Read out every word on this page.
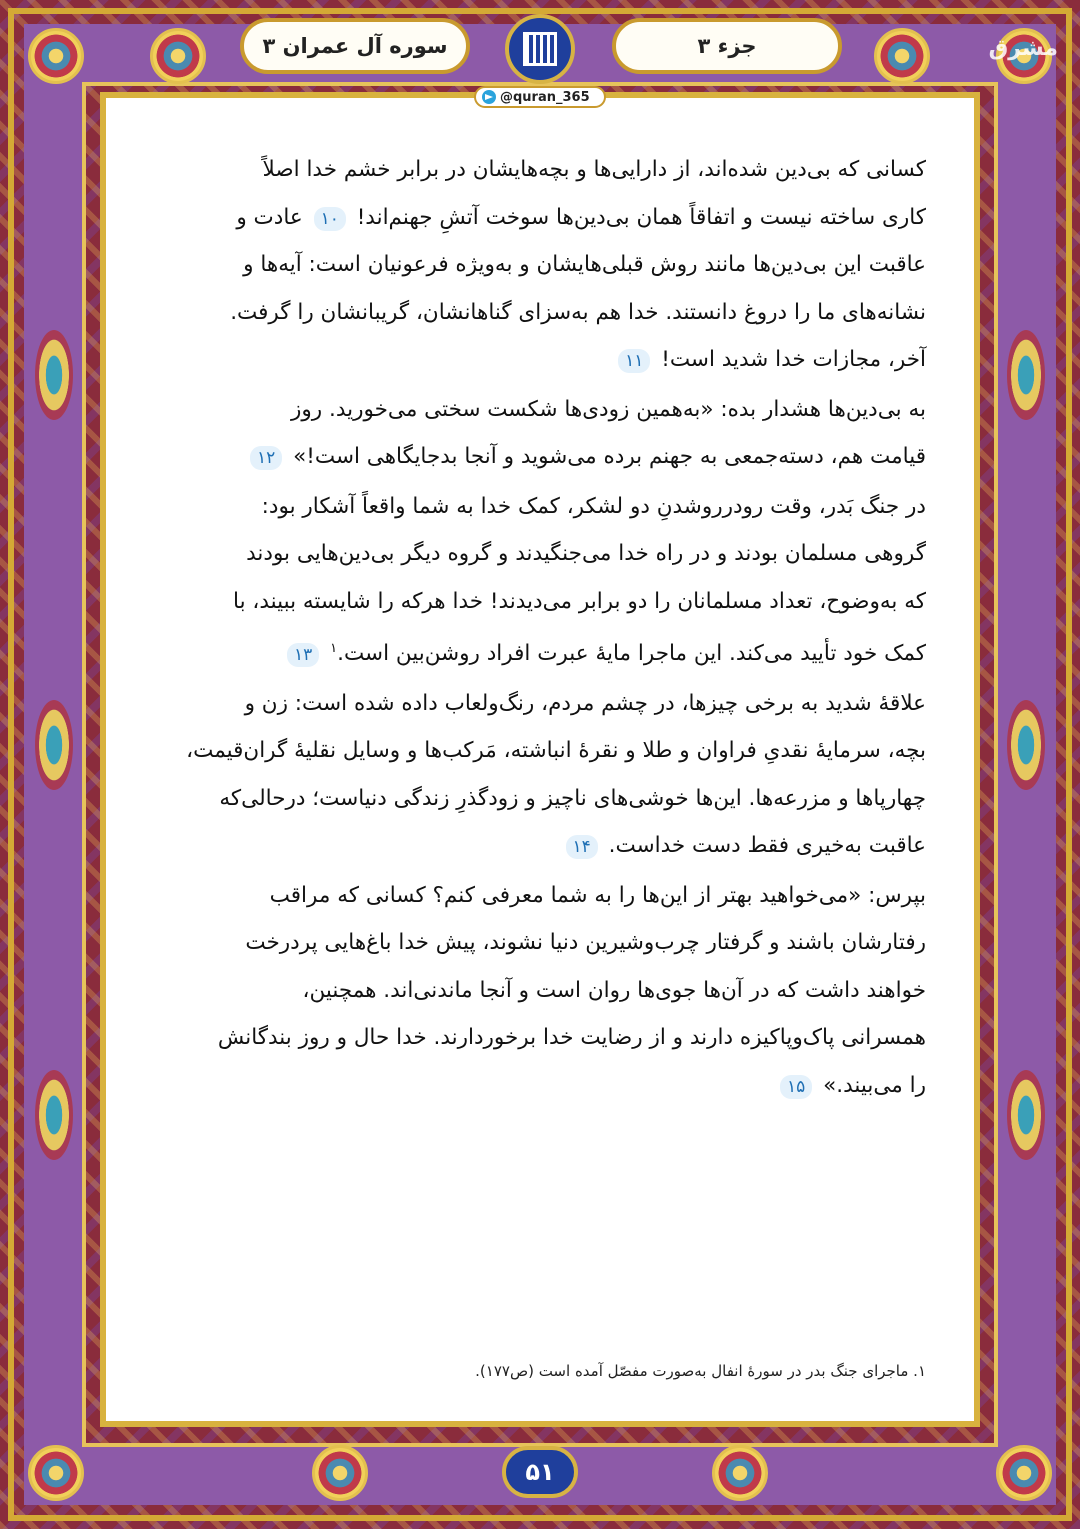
مشرق
سوره آل عمران ۳	جزء ۳

کسانی که بی‌دین شده‌اند، از دارایی‌ها و بچه‌هایشان در برابر خشم خدا اصلاً
کاری ساخته نیست و اتفاقاً همان بی‌دین‌ها سوخت آتشِ جهنم‌اند! ۱۰ عادت و
عاقبت این بی‌دین‌ها مانند روش قبلی‌هایشان و به‌ویژه فرعونیان است: آیه‌ها و
نشانه‌های ما را دروغ دانستند. خدا هم به‌سزای گناهانشان، گریبانشان را گرفت.
آخر، مجازات خدا شدید است! ۱۱

به بی‌دین‌ها هشدار بده: «به‌همین زودی‌ها شکست سختی می‌خورید. روز
قیامت هم، دسته‌جمعی به جهنم برده می‌شوید و آنجا بدجایگاهی است!» ۱۲

در جنگ بَدر، وقت رودررو‌شدنِ دو لشکر، کمک خدا به شما واقعاً آشکار بود:
گروهی مسلمان بودند و در راه خدا می‌جنگیدند و گروه دیگر بی‌دین‌هایی بودند
که به‌وضوح، تعداد مسلمانان را دو برابر می‌دیدند! خدا هرکه را شایسته ببیند، با
کمک خود تأیید می‌کند. این ماجرا مایهٔ عبرت افراد روشن‌بین است.$^۱$ ۱۳

علاقهٔ شدید به برخی چیزها، در چشم مردم، رنگ‌ولعاب داده شده است: زن و
بچه، سرمایهٔ نقدیِ فراوان و طلا و نقرهٔ انباشته، مَرکب‌ها و وسایل نقلیهٔ گران‌قیمت،
چهارپاها و مزرعه‌ها. این‌ها خوشی‌های ناچیز و زودگذرِ زندگی دنیاست؛ درحالی‌که
عاقبت به‌خیری فقط دست خداست. ۱۴

بپرس: «می‌خواهید بهتر از این‌ها را به شما معرفی کنم؟ کسانی که مراقب
رفتارشان باشند و گرفتار چرب‌وشیرین دنیا نشوند، پیش خدا باغ‌هایی پردرخت
خواهند داشت که در آن‌ها جوی‌ها روان است و آنجا ماندنی‌اند. همچنین،
همسرانی پاک‌وپاکیزه دارند و از رضایت خدا برخوردارند. خدا حال و روز بندگانش
را می‌بیند.» ۱۵

۱. ماجرای جنگ بدر در سورهٔ انفال به‌صورت مفصّل آمده است (ص۱۷۷).
@quran_365
۵۱
